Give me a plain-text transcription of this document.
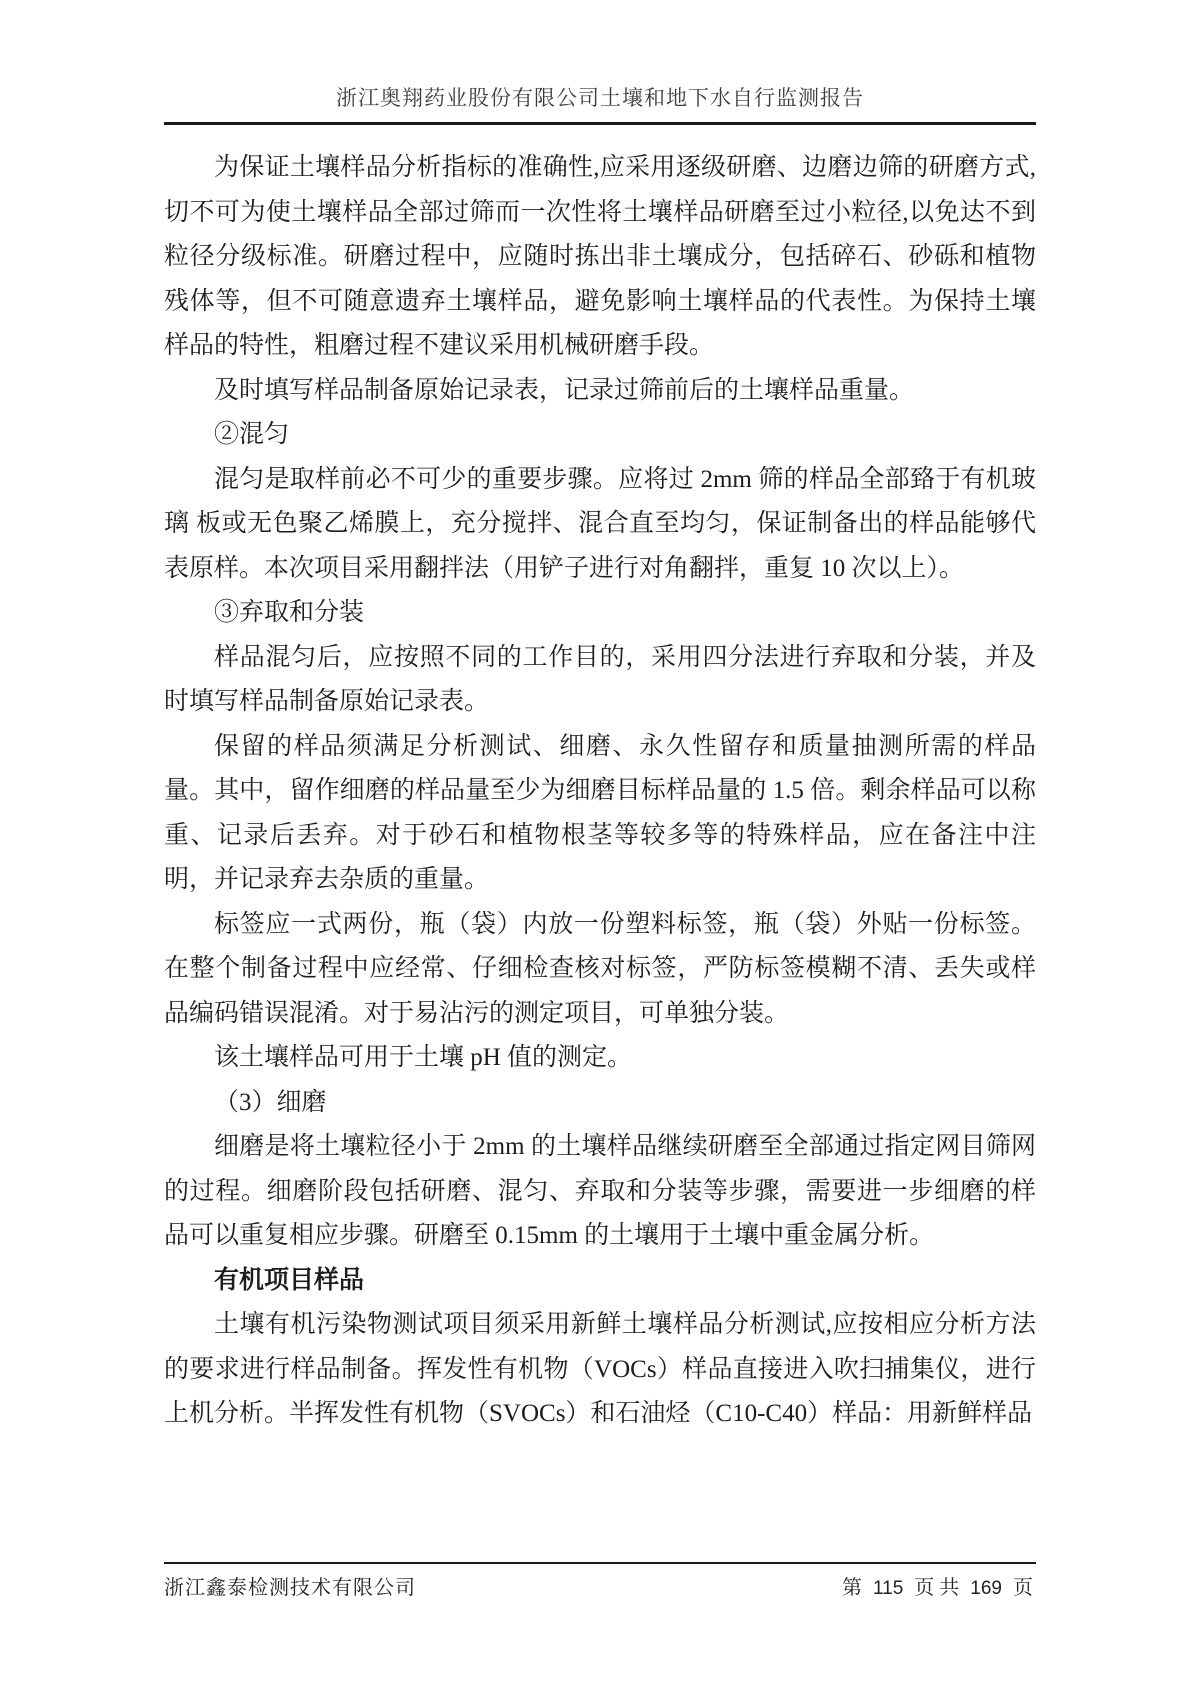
浙江奥翔药业股份有限公司土壤和地下水自行监测报告

为保证土壤样品分析指标的准确性,应采用逐级研磨、边磨边筛的研磨方式,切不可为使土壤样品全部过筛而一次性将土壤样品研磨至过小粒径,以免达不到粒径分级标准。研磨过程中，应随时拣出非土壤成分，包括碎石、砂砾和植物残体等，但不可随意遗弃土壤样品，避免影响土壤样品的代表性。为保持土壤样品的特性，粗磨过程不建议采用机械研磨手段。

及时填写样品制备原始记录表，记录过筛前后的土壤样品重量。

②混匀

混匀是取样前必不可少的重要步骤。应将过 2mm 筛的样品全部臵于有机玻璃 板或无色聚乙烯膜上，充分搅拌、混合直至均匀，保证制备出的样品能够代表原样。本次项目采用翻拌法（用铲子进行对角翻拌，重复 10 次以上）。

③弃取和分装

样品混匀后，应按照不同的工作目的，采用四分法进行弃取和分装，并及时填写样品制备原始记录表。

保留的样品须满足分析测试、细磨、永久性留存和质量抽测所需的样品量。其中，留作细磨的样品量至少为细磨目标样品量的 1.5 倍。剩余样品可以称重、记录后丢弃。对于砂石和植物根茎等较多等的特殊样品，应在备注中注明，并记录弃去杂质的重量。

标签应一式两份，瓶（袋）内放一份塑料标签，瓶（袋）外贴一份标签。在整个制备过程中应经常、仔细检查核对标签，严防标签模糊不清、丢失或样品编码错误混淆。对于易沾污的测定项目，可单独分装。

该土壤样品可用于土壤 pH 值的测定。

（3）细磨

细磨是将土壤粒径小于 2mm 的土壤样品继续研磨至全部通过指定网目筛网的过程。细磨阶段包括研磨、混匀、弃取和分装等步骤，需要进一步细磨的样品可以重复相应步骤。研磨至 0.15mm 的土壤用于土壤中重金属分析。

有机项目样品

土壤有机污染物测试项目须采用新鲜土壤样品分析测试,应按相应分析方法的要求进行样品制备。挥发性有机物（VOCs）样品直接进入吹扫捕集仪，进行上机分析。半挥发性有机物（SVOCs）和石油烃（C10-C40）样品：用新鲜样品

浙江鑫泰检测技术有限公司	第 115 页 共 169 页
